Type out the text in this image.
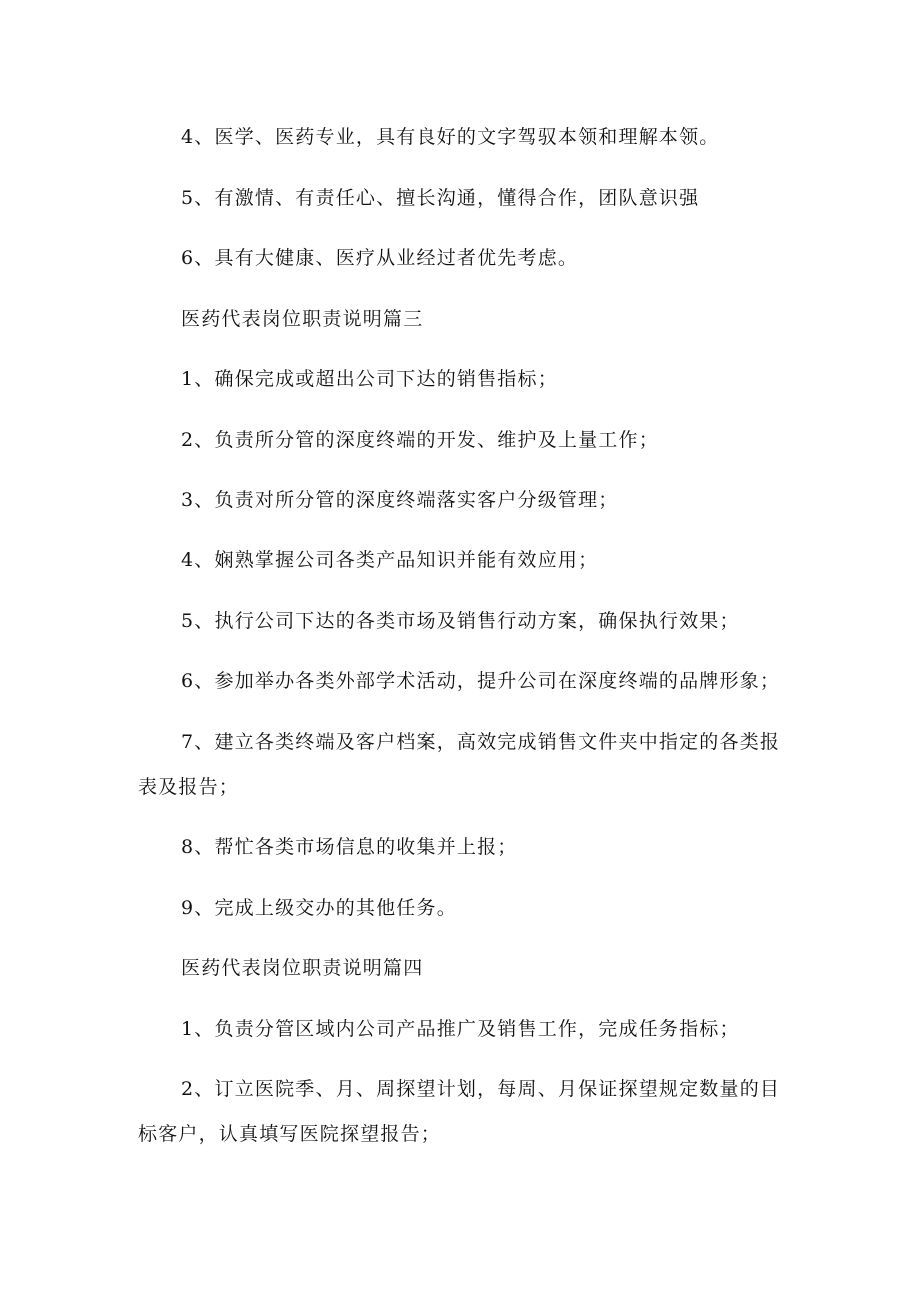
4、医学、医药专业，具有良好的文字驾驭本领和理解本领。
5、有激情、有责任心、擅长沟通，懂得合作，团队意识强
6、具有大健康、医疗从业经过者优先考虑。
医药代表岗位职责说明篇三
1、确保完成或超出公司下达的销售指标；
2、负责所分管的深度终端的开发、维护及上量工作；
3、负责对所分管的深度终端落实客户分级管理；
4、娴熟掌握公司各类产品知识并能有效应用；
5、执行公司下达的各类市场及销售行动方案，确保执行效果；
6、参加举办各类外部学术活动，提升公司在深度终端的品牌形象；
7、建立各类终端及客户档案，高效完成销售文件夹中指定的各类报
表及报告；
8、帮忙各类市场信息的收集并上报；
9、完成上级交办的其他任务。
医药代表岗位职责说明篇四
1、负责分管区域内公司产品推广及销售工作，完成任务指标；
2、订立医院季、月、周探望计划，每周、月保证探望规定数量的目
标客户，认真填写医院探望报告；
